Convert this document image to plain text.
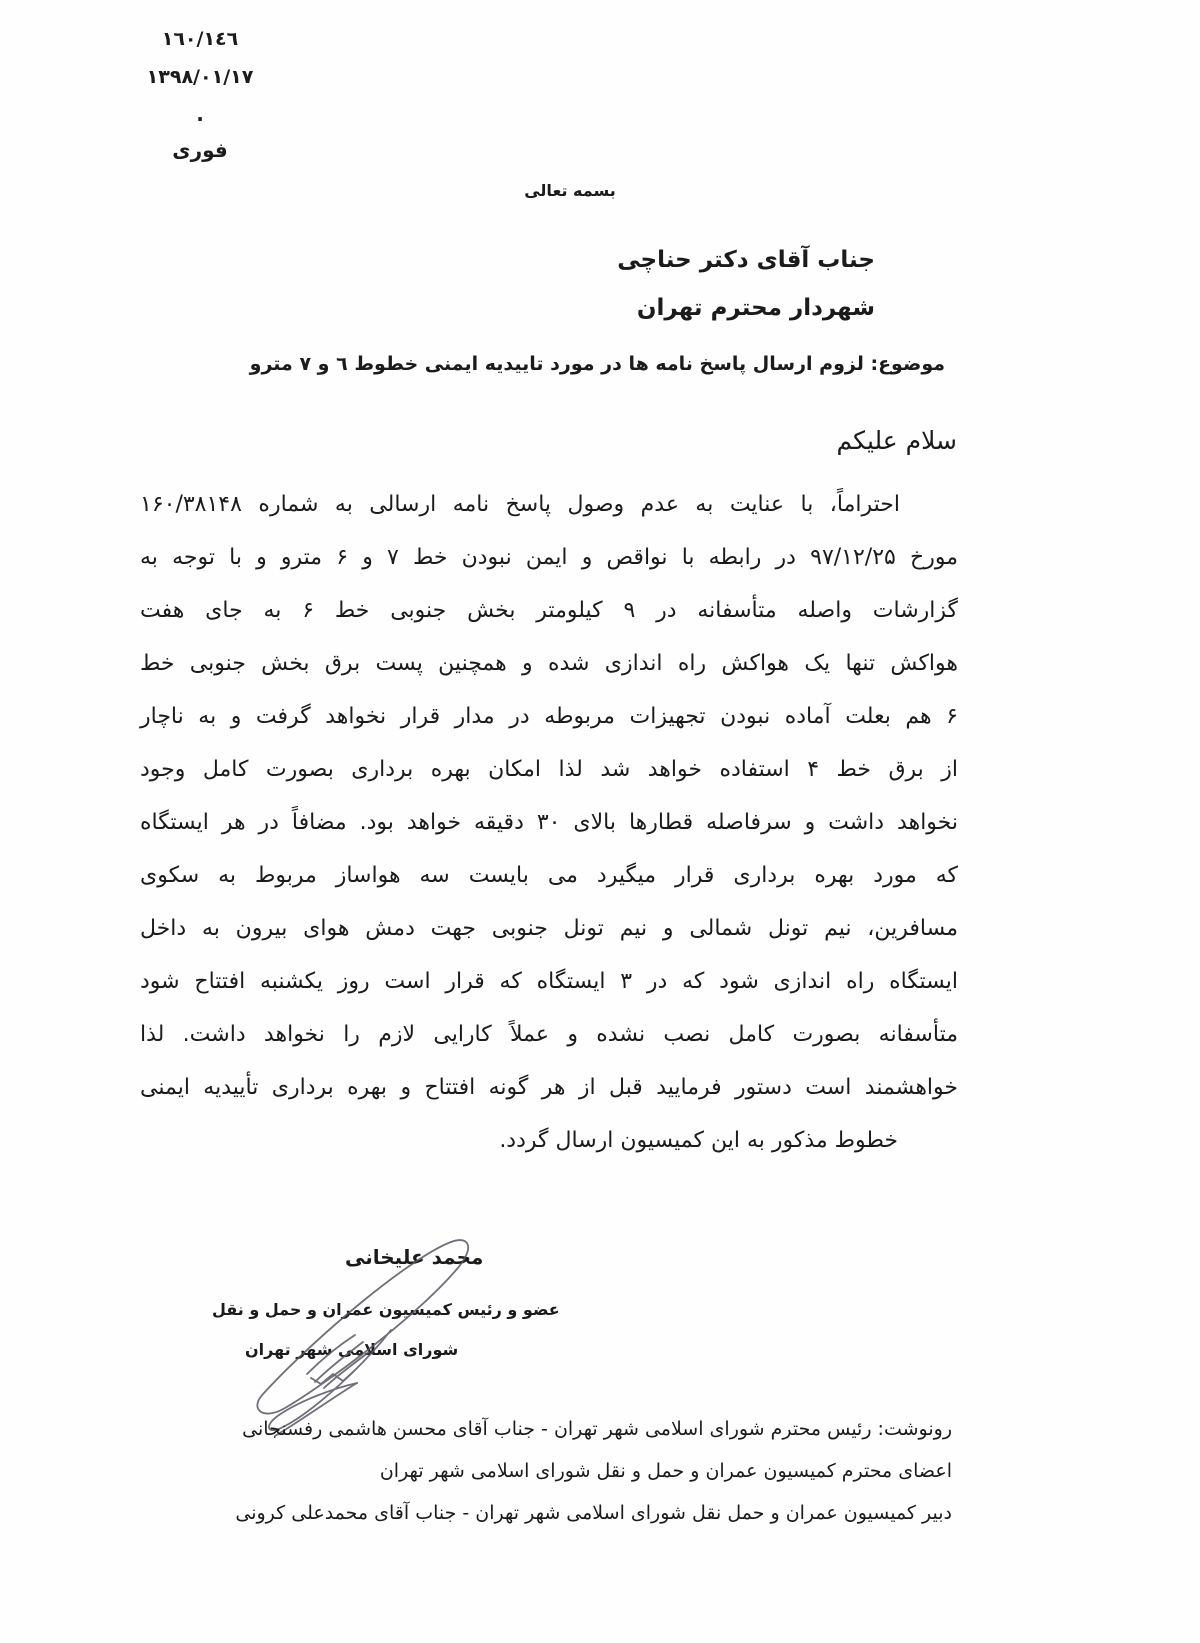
١٦٠/١٤٦
١٣٩٨/٠١/١٧
.
فوری
بسمه تعالی
جناب آقای دکتر حناچی
شهردار محترم تهران
موضوع: لزوم ارسال پاسخ نامه ها در مورد تاییدیه ایمنی خطوط ٦ و ٧ مترو
سلام علیکم
احتراماً، با عنایت به عدم وصول پاسخ نامه ارسالی به شماره ۱۶۰/۳۸۱۴۸
مورخ ۹۷/۱۲/۲۵ در رابطه با نواقص و ایمن نبودن خط ۷ و ۶ مترو و با توجه به
گزارشات واصله متأسفانه در ۹ کیلومتر بخش جنوبی خط ۶ به جای هفت
هواکش تنها یک هواکش راه اندازی شده و همچنین پست برق بخش جنوبی خط
۶ هم بعلت آماده نبودن تجهیزات مربوطه در مدار قرار نخواهد گرفت و به ناچار
از برق خط ۴ استفاده خواهد شد لذا امکان بهره برداری بصورت کامل وجود
نخواهد داشت و سرفاصله قطارها بالای ۳۰ دقیقه خواهد بود. مضافاً در هر ایستگاه
که مورد بهره برداری قرار میگیرد می بایست سه هواساز مربوط به سکوی
مسافرین، نیم تونل شمالی و نیم تونل جنوبی جهت دمش هوای بیرون به داخل
ایستگاه راه اندازی شود که در ۳ ایستگاه که قرار است روز یکشنبه افتتاح شود
متأسفانه بصورت کامل نصب نشده و عملاً کارایی لازم را نخواهد داشت. لذا
خواهشمند است دستور فرمایید قبل از هر گونه افتتاح و بهره برداری تأییدیه ایمنی
خطوط مذکور به این کمیسیون ارسال گردد.
محمد علیخانی
عضو و رئیس کمیسیون عمران و حمل و نقل
شورای اسلامی شهر تهران
رونوشت: رئیس محترم شورای اسلامی شهر تهران - جناب آقای محسن هاشمی رفسنجانی
اعضای محترم کمیسیون عمران و حمل و نقل شورای اسلامی شهر تهران
دبیر کمیسیون عمران و حمل نقل شورای اسلامی شهر تهران - جناب آقای محمدعلی کرونی
